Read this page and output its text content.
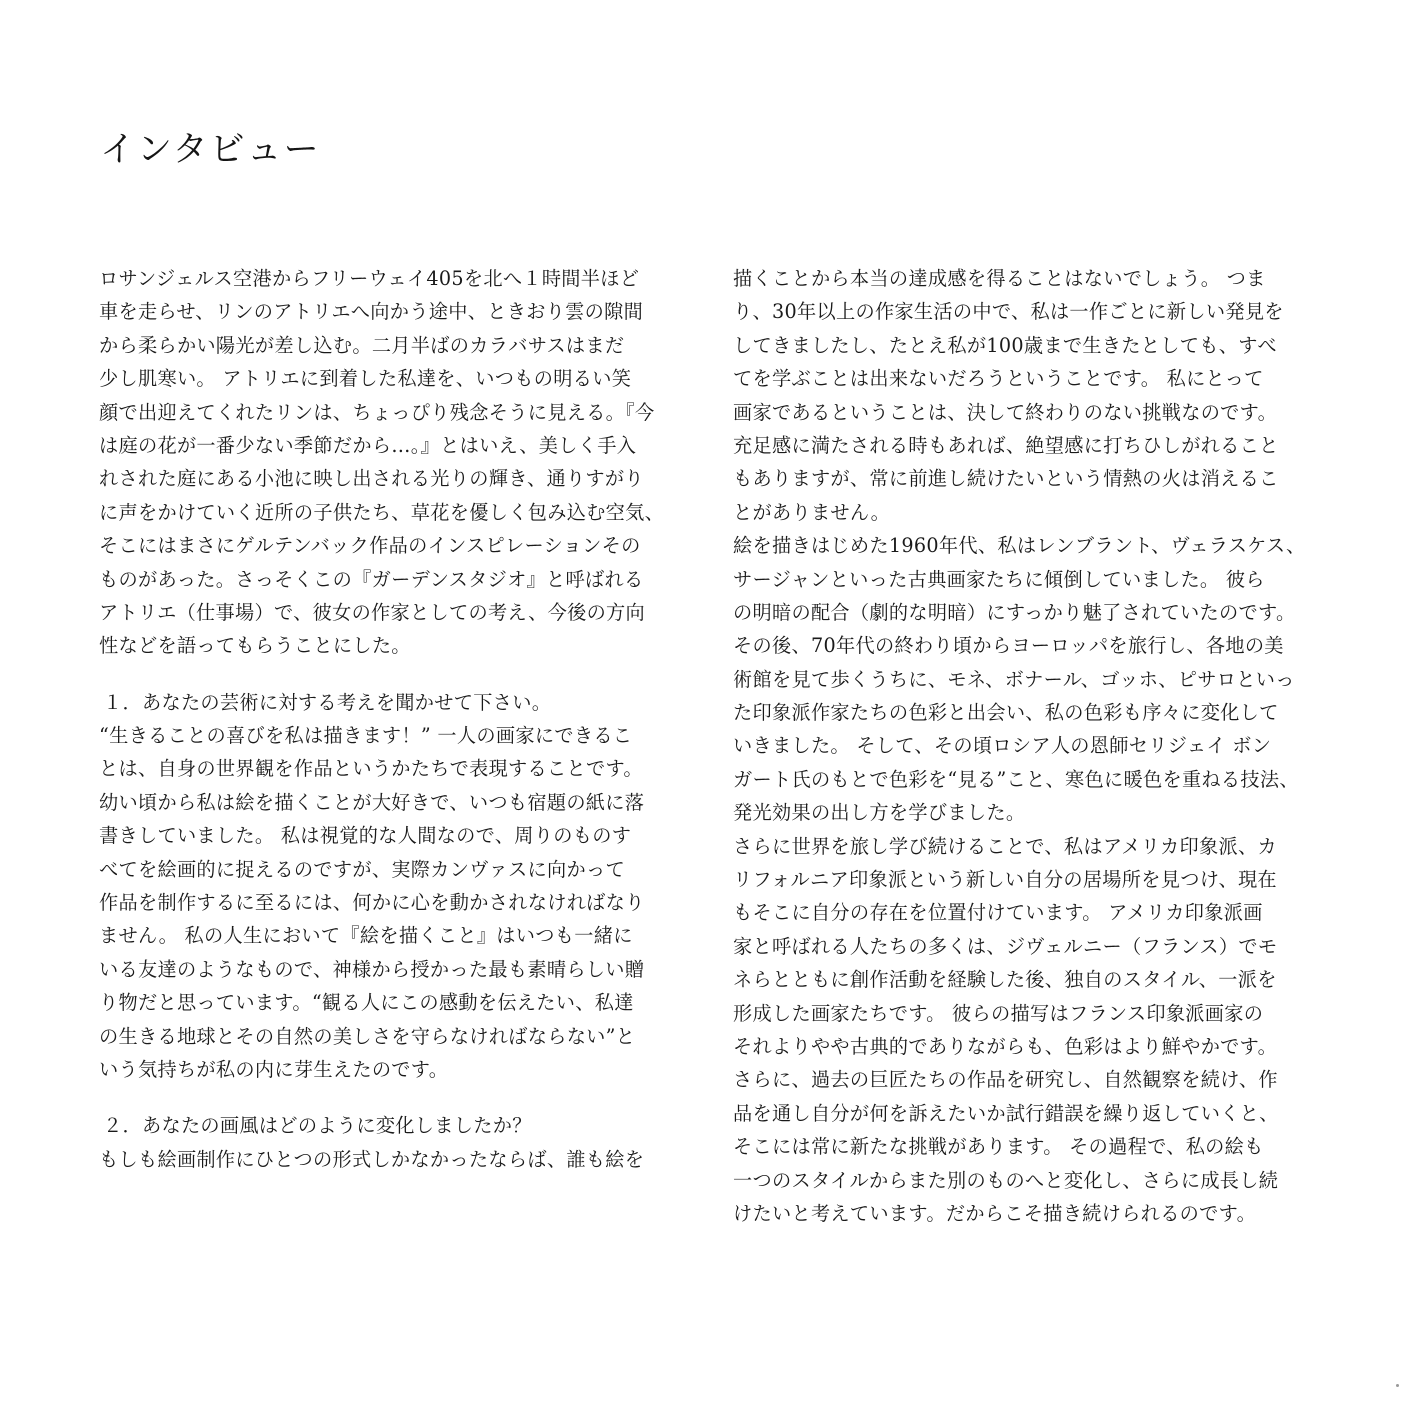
インタビュー
ロサンジェルス空港からフリーウェイ405を北へ１時間半ほど
車を走らせ、リンのアトリエへ向かう途中、ときおり雲の隙間
から柔らかい陽光が差し込む。二月半ばのカラバサスはまだ
少し肌寒い。 アトリエに到着した私達を、いつもの明るい笑
顔で出迎えてくれたリンは、ちょっぴり残念そうに見える。『今
は庭の花が一番少ない季節だから…。』とはいえ、美しく手入
れされた庭にある小池に映し出される光りの輝き、通りすがり
に声をかけていく近所の子供たち、草花を優しく包み込む空気、
そこにはまさにゲルテンバック作品のインスピレーションその
ものがあった。さっそくこの『ガーデンスタジオ』と呼ばれる
アトリエ（仕事場）で、彼女の作家としての考え、今後の方向
性などを語ってもらうことにした。
１．あなたの芸術に対する考えを聞かせて下さい。
“生きることの喜びを私は描きます！” 一人の画家にできるこ
とは、自身の世界観を作品というかたちで表現することです。
幼い頃から私は絵を描くことが大好きで、いつも宿題の紙に落
書きしていました。 私は視覚的な人間なので、周りのものす
べてを絵画的に捉えるのですが、実際カンヴァスに向かって
作品を制作するに至るには、何かに心を動かされなければなり
ません。 私の人生において『絵を描くこと』はいつも一緒に
いる友達のようなもので、神様から授かった最も素晴らしい贈
り物だと思っています。“観る人にこの感動を伝えたい、私達
の生きる地球とその自然の美しさを守らなければならない”と
いう気持ちが私の内に芽生えたのです。
２．あなたの画風はどのように変化しましたか？
もしも絵画制作にひとつの形式しかなかったならば、誰も絵を
描くことから本当の達成感を得ることはないでしょう。 つま
り、30年以上の作家生活の中で、私は一作ごとに新しい発見を
してきましたし、たとえ私が100歳まで生きたとしても、すべ
てを学ぶことは出来ないだろうということです。 私にとって
画家であるということは、決して終わりのない挑戦なのです。
充足感に満たされる時もあれば、絶望感に打ちひしがれること
もありますが、常に前進し続けたいという情熱の火は消えるこ
とがありません。
絵を描きはじめた1960年代、私はレンブラント、ヴェラスケス、
サージャンといった古典画家たちに傾倒していました。 彼ら
の明暗の配合（劇的な明暗）にすっかり魅了されていたのです。
その後、70年代の終わり頃からヨーロッパを旅行し、各地の美
術館を見て歩くうちに、モネ、ボナール、ゴッホ、ピサロといっ
た印象派作家たちの色彩と出会い、私の色彩も序々に変化して
いきました。 そして、その頃ロシア人の恩師セリジェイ ボン
ガート氏のもとで色彩を“見る”こと、寒色に暖色を重ねる技法、
発光効果の出し方を学びました。
さらに世界を旅し学び続けることで、私はアメリカ印象派、カ
リフォルニア印象派という新しい自分の居場所を見つけ、現在
もそこに自分の存在を位置付けています。 アメリカ印象派画
家と呼ばれる人たちの多くは、ジヴェルニー（フランス）でモ
ネらとともに創作活動を経験した後、独自のスタイル、一派を
形成した画家たちです。 彼らの描写はフランス印象派画家の
それよりやや古典的でありながらも、色彩はより鮮やかです。
さらに、過去の巨匠たちの作品を研究し、自然観察を続け、作
品を通し自分が何を訴えたいか試行錯誤を繰り返していくと、
そこには常に新たな挑戦があります。 その過程で、私の絵も
一つのスタイルからまた別のものへと変化し、さらに成長し続
けたいと考えています。だからこそ描き続けられるのです。
